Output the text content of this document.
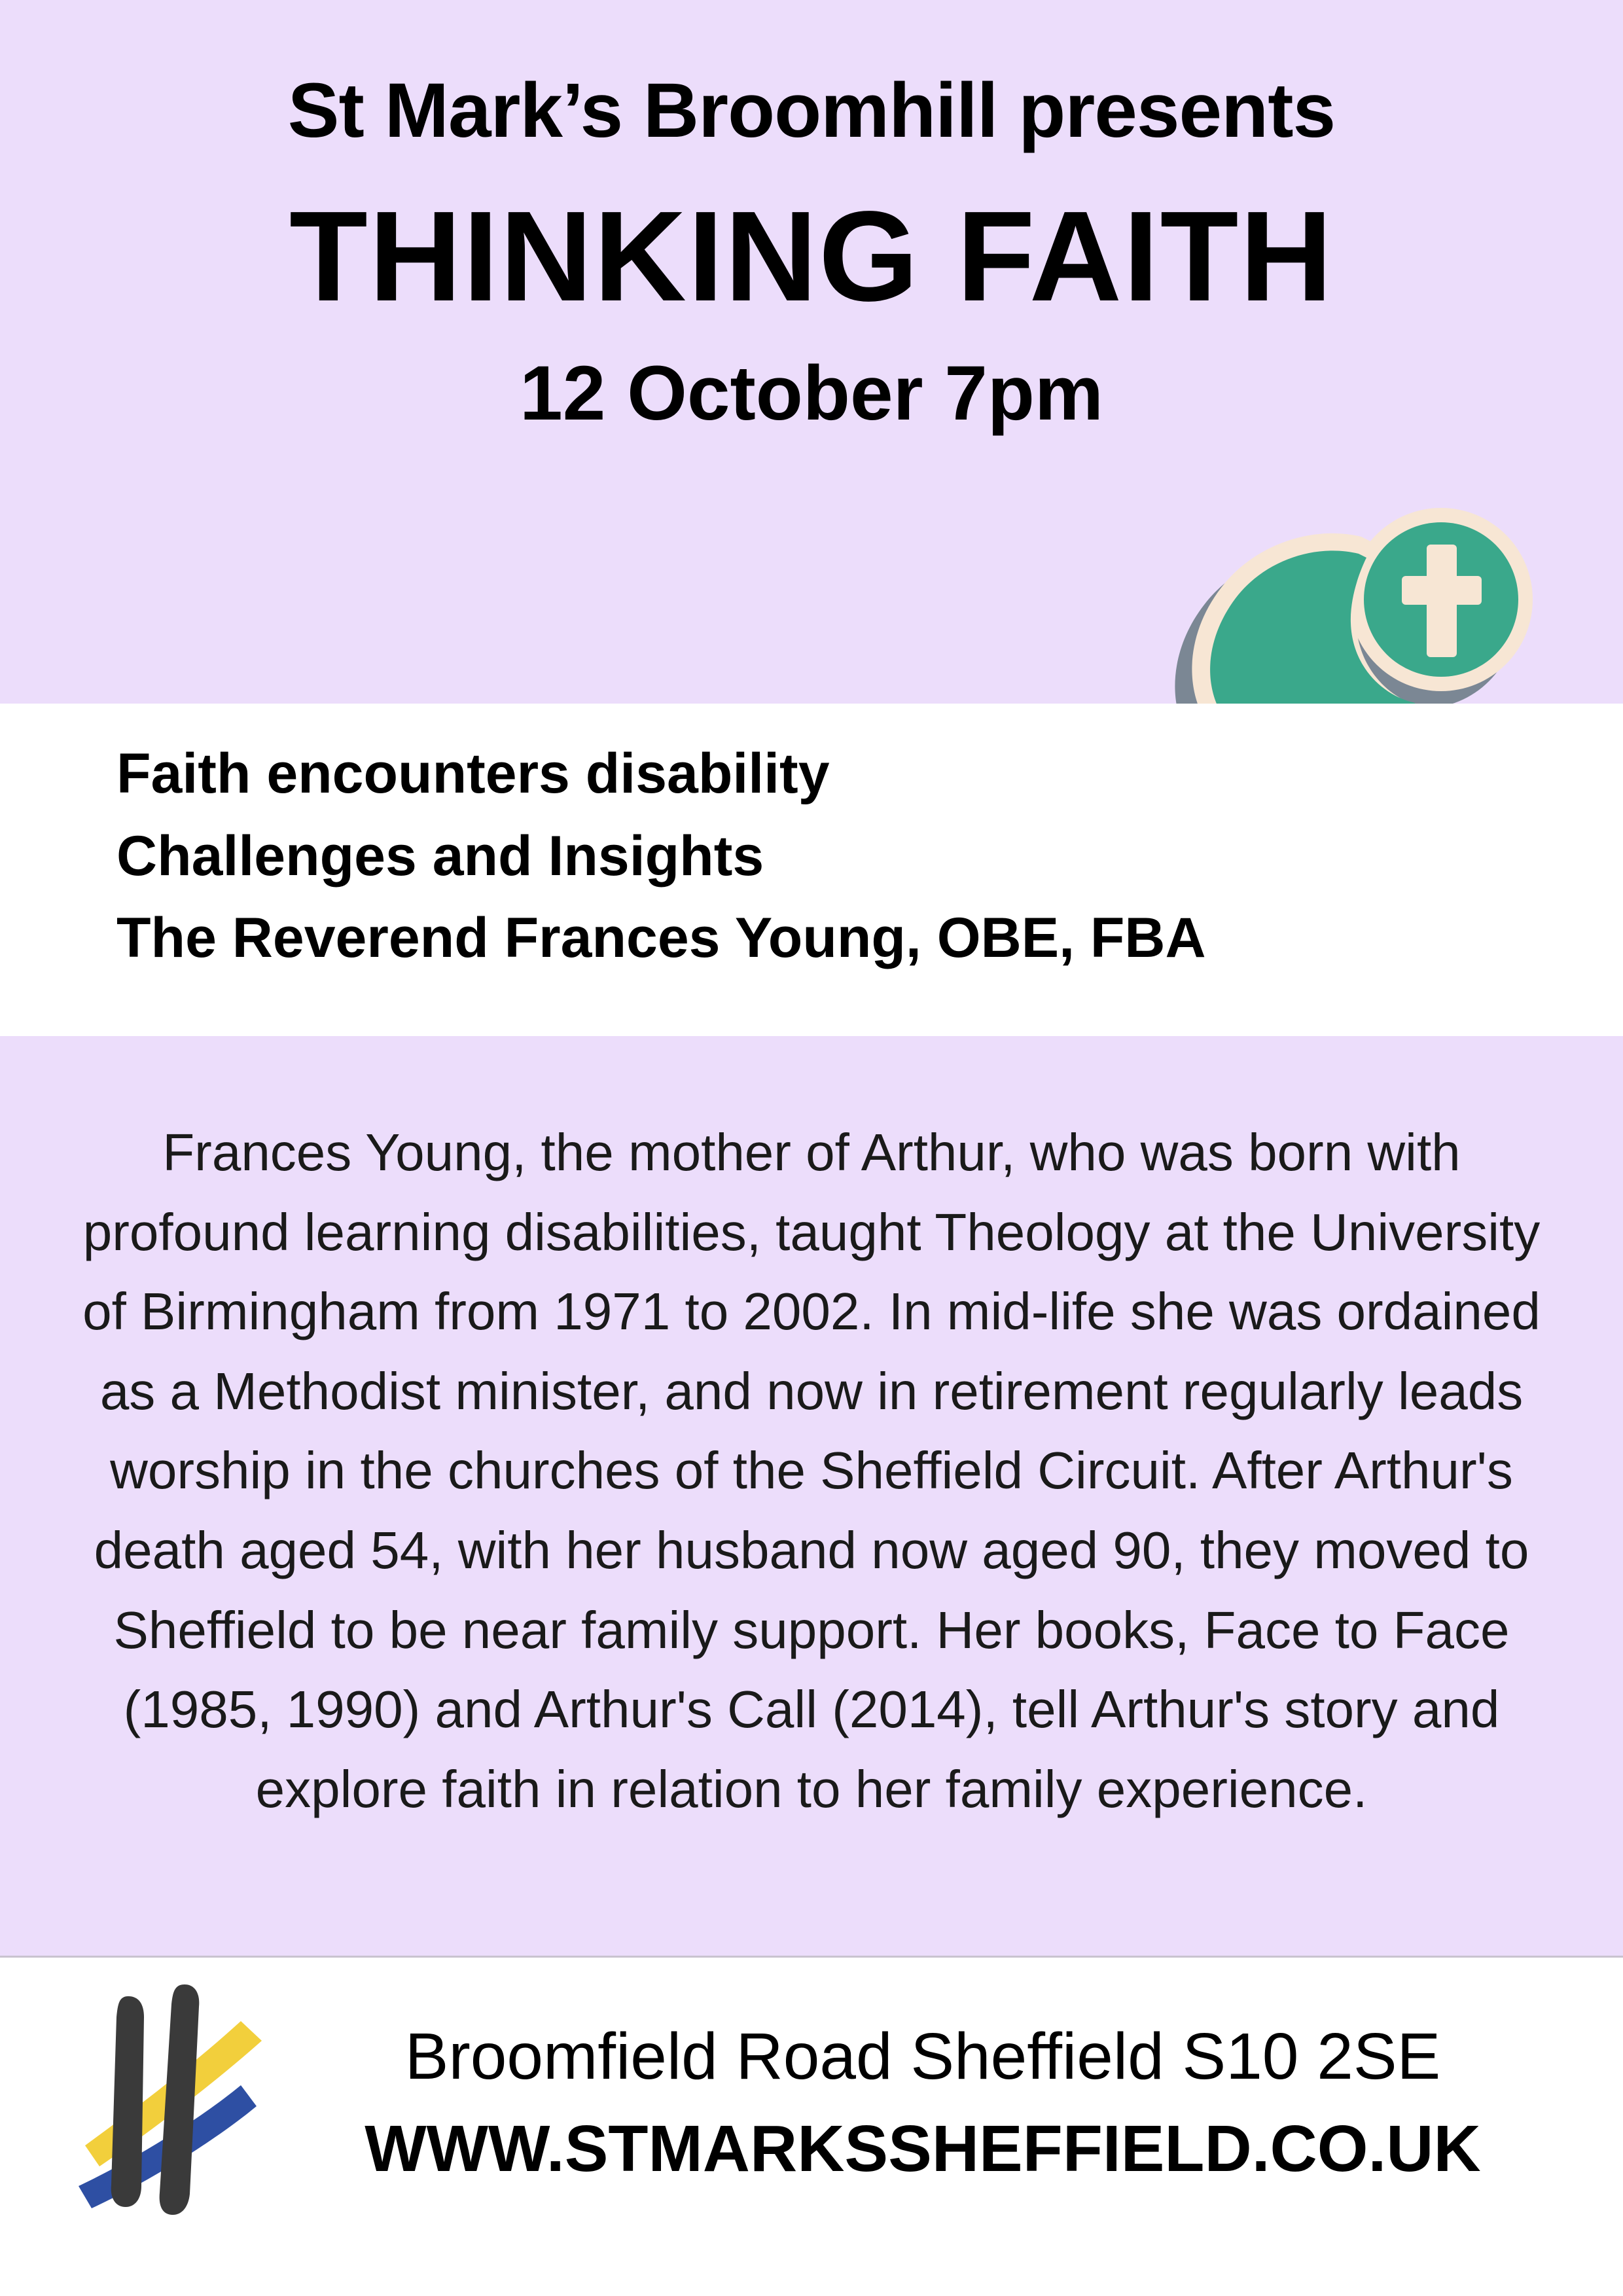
St Mark’s Broomhill presents
THINKING FAITH
12 October 7pm
Faith encounters disability
Challenges and Insights
The Reverend Frances Young, OBE, FBA
Frances Young, the mother of Arthur, who was born with profound learning disabilities, taught Theology at the University of Birmingham from 1971 to 2002. In mid-life she was ordained as a Methodist minister, and now in retirement regularly leads worship in the churches of the Sheffield Circuit. After Arthur's death aged 54, with her husband now aged 90, they moved to Sheffield to be near family support. Her books, Face to Face (1985, 1990) and Arthur's Call (2014), tell Arthur's story and explore faith in relation to her family experience.
Broomfield Road Sheffield S10 2SE
WWW.STMARKSSHEFFIELD.CO.UK
